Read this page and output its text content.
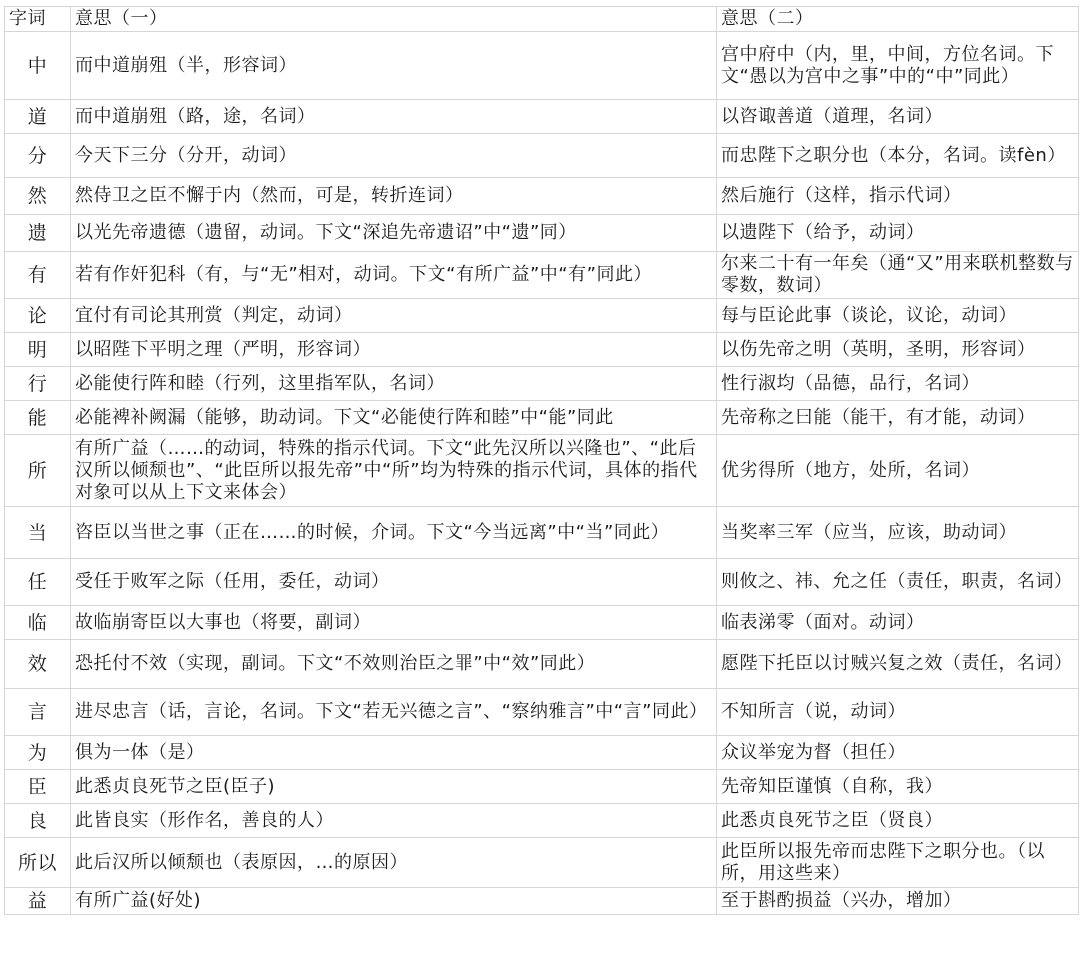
字词	意思（一）	意思（二）
中	而中道崩殂（半，形容词）	宫中府中（内，里，中间，方位名词。下文“愚以为宫中之事”中的“中”同此）
道	而中道崩殂（路，途，名词）	以咨诹善道（道理，名词）
分	今天下三分（分开，动词）	而忠陛下之职分也（本分，名词。读fèn）
然	然侍卫之臣不懈于内（然而，可是，转折连词）	然后施行（这样，指示代词）
遗	以光先帝遗德（遗留，动词。下文“深追先帝遗诏”中“遗”同）	以遗陛下（给予，动词）
有	若有作奸犯科（有，与“无”相对，动词。下文“有所广益”中“有”同此）	尔来二十有一年矣（通“又”用来联机整数与零数，数词）
论	宜付有司论其刑赏（判定，动词）	每与臣论此事（谈论，议论，动词）
明	以昭陛下平明之理（严明，形容词）	以伤先帝之明（英明，圣明，形容词）
行	必能使行阵和睦（行列，这里指军队，名词）	性行淑均（品德，品行，名词）
能	必能裨补阙漏（能够，助动词。下文“必能使行阵和睦”中“能”同此	先帝称之曰能（能干，有才能，动词）
所	有所广益（……的动词，特殊的指示代词。下文“此先汉所以兴隆也”、“此后汉所以倾颓也”、“此臣所以报先帝”中“所”均为特殊的指示代词，具体的指代对象可以从上下文来体会）	优劣得所（地方，处所，名词）
当	咨臣以当世之事（正在……的时候，介词。下文“今当远离”中“当”同此）	当奖率三军（应当，应该，助动词）
任	受任于败军之际（任用，委任，动词）	则攸之、祎、允之任（责任，职责，名词）
临	故临崩寄臣以大事也（将要，副词）	临表涕零（面对。动词）
效	恐托付不效（实现，副词。下文“不效则治臣之罪”中“效”同此）	愿陛下托臣以讨贼兴复之效（责任，名词）
言	进尽忠言（话，言论，名词。下文“若无兴德之言”、“察纳雅言”中“言”同此）	不知所言（说，动词）
为	俱为一体（是）	众议举宠为督（担任）
臣	此悉贞良死节之臣(臣子)	先帝知臣谨慎（自称，我）
良	此皆良实（形作名，善良的人）	此悉贞良死节之臣（贤良）
所以	此后汉所以倾颓也（表原因，…的原因）	此臣所以报先帝而忠陛下之职分也。（以所，用这些来）
益	有所广益(好处)	至于斟酌损益（兴办，增加）
